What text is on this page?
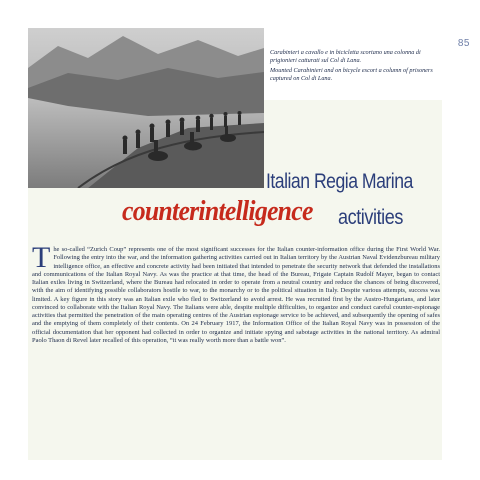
85

Carabinieri a cavallo e in bicicletta scortano una colonna di prigionieri catturati sul Col di Lana.

Mounted Carabinieri and on bicycle escort a column of prisoners captured on Col di Lana.

Italian Regia Marina
counterintelligence activities
T he so-called “Zurich Coup” represents one of the most significant successes for the Italian counter-information office during the First World War. Following the entry into the war, and the information gathering activities carried out in Italian territory by the Austrian Naval Evidenzbureau military intelligence office, an effective and concrete activity had been initiated that intended to penetrate the security network that defended the installations and communications of the Italian Royal Navy. As was the practice at that time, the head of the Bureau, Frigate Captain Rudolf Mayer, began to contact Italian exiles living in Switzerland, where the Bureau had relocated in order to operate from a neutral country and reduce the chances of being discovered, with the aim of identifying possible collaborators hostile to war, to the monarchy or to the political situation in Italy. Despite various attempts, success was limited. A key figure in this story was an Italian exile who fled to Switzerland to avoid arrest. He was recruited first by the Austro-Hungarians, and later convinced to collaborate with the Italian Royal Navy. The Italians were able, despite multiple difficulties, to organize and conduct careful counter-espionage activities that permitted the penetration of the main operating centres of the Austrian espionage service to be achieved, and subsequently the opening of safes and the emptying of them completely of their contents. On 24 February 1917, the Information Office of the Italian Royal Navy was in possession of the official documentation that her opponent had collected in order to organize and initiate spying and sabotage activities in the national territory. As admiral Paolo Thaon di Revel later recalled of this operation, “it was really worth more than a battle won”.
